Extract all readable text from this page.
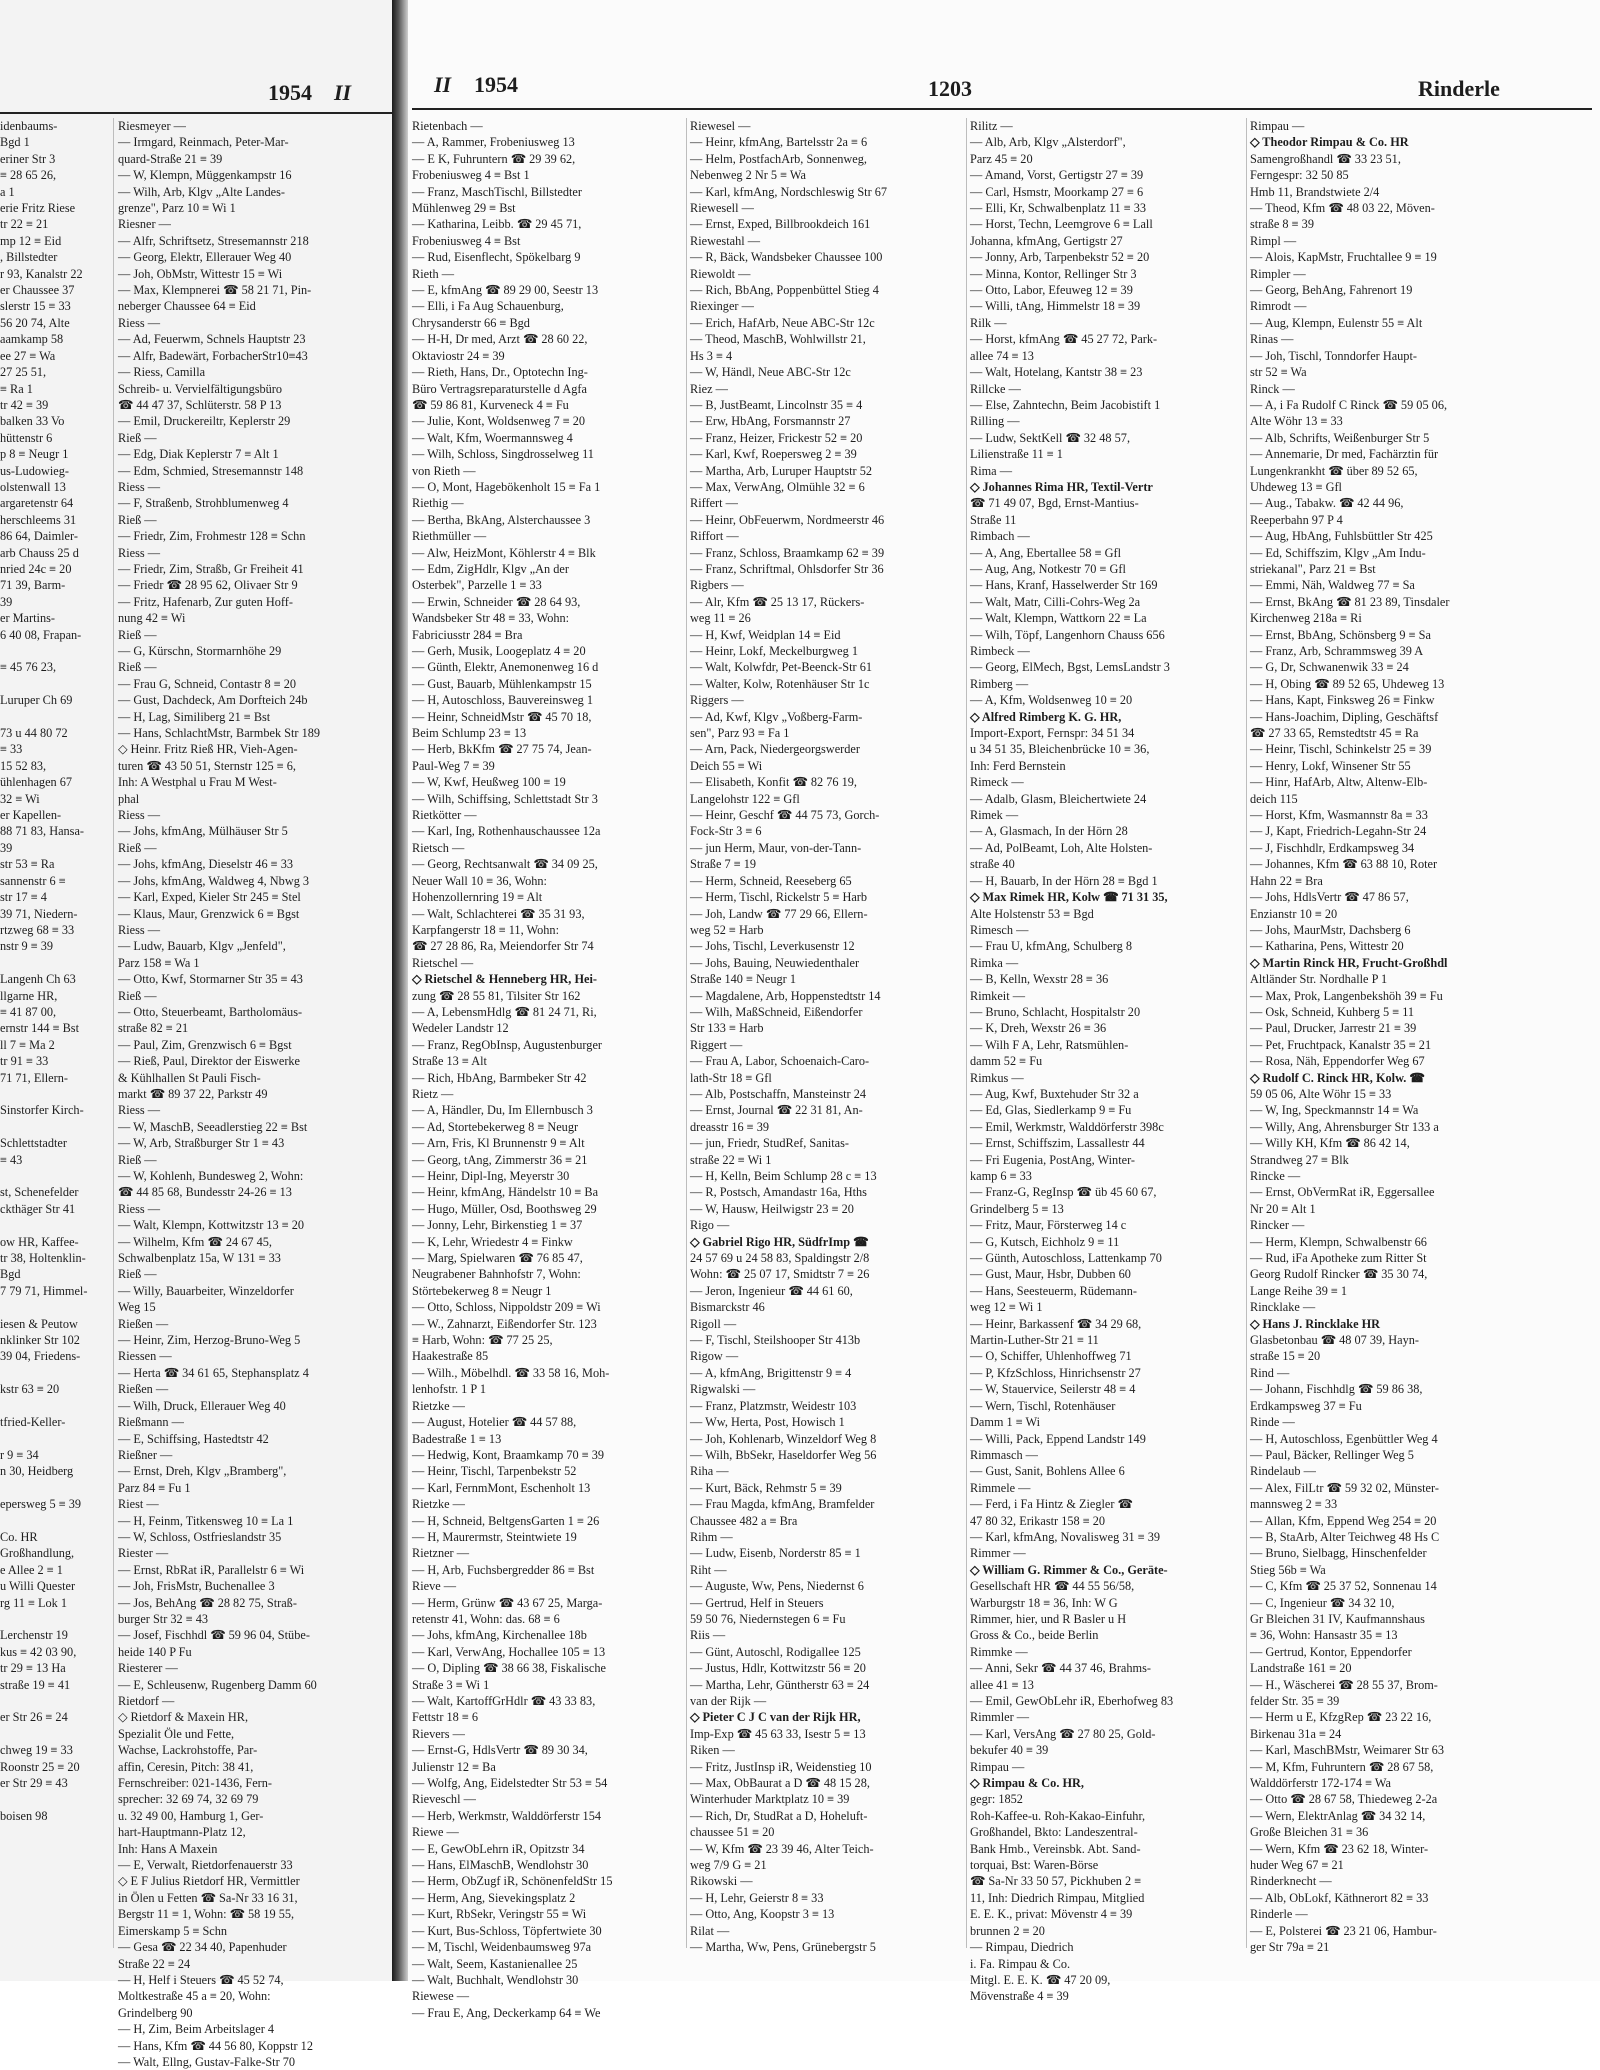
1954 II
idenbaums-
Bgd 1
eriner Str 3
≡ 28 65 26,
a 1
erie Fritz Riese
tr 22 ≡ 21
mp 12 ≡ Eid
, Billstedter
r 93, Kanalstr 22
er Chaussee 37
slerstr 15 ≡ 33
56 20 74, Alte
aamkamp 58
ee 27 ≡ Wa
27 25 51,
≡ Ra 1
tr 42 ≡ 39
balken 33 Vo
hüttenstr 6
p 8 ≡ Neugr 1
us-Ludowieg-
olstenwall 13
argaretenstr 64
herschleems 31
86 64, Daimler-
arb Chauss 25 d
nried 24c ≡ 20
71 39, Barm-
39
er Martins-
6 40 08, Frapan-

≡ 45 76 23,

Luruper Ch 69

73 u 44 80 72
≡ 33
15 52 83,
ühlenhagen 67
32 ≡ Wi
er Kapellen-
88 71 83, Hansa-
39
str 53 ≡ Ra
sannenstr 6 ≡
str 17 ≡ 4
39 71, Niedern-
rtzweg 68 ≡ 33
nstr 9 ≡ 39

Langenh Ch 63
llgarne HR,
≡ 41 87 00,
ernstr 144 ≡ Bst
ll 7 ≡ Ma 2
tr 91 ≡ 33
71 71, Ellern-

Sinstorfer Kirch-

Schlettstadter
≡ 43

st, Schenefelder
ckthäger Str 41

ow HR, Kaffee-
tr 38, Holtenklin-
Bgd
7 79 71, Himmel-

iesen & Peutow
nklinker Str 102
39 04, Friedens-

kstr 63 ≡ 20

tfried-Keller-

r 9 ≡ 34
n 30, Heidberg

epersweg 5 ≡ 39

Co. HR
Großhandlung,
e Allee 2 ≡ 1
u Willi Quester
rg 11 ≡ Lok 1

Lerchenstr 19
kus ≡ 42 03 90,
tr 29 ≡ 13 Ha
straße 19 ≡ 41

er Str 26 ≡ 24

chweg 19 ≡ 33
Roonstr 25 ≡ 20
er Str 29 ≡ 43

boisen 98
Riesmeyer —
— Irmgard, Reinmach, Peter-Mar-
quard-Straße 21 ≡ 39
— W, Klempn, Müggenkampstr 16
— Wilh, Arb, Klgv „Alte Landes-
grenze", Parz 10 ≡ Wi 1
Riesner —
— Alfr, Schriftsetz, Stresemannstr 218
— Georg, Elektr, Ellerauer Weg 40
— Joh, ObMstr, Wittestr 15 ≡ Wi
— Max, Klempnerei ☎ 58 21 71, Pin-
neberger Chaussee 64 ≡ Eid
Riess —
— Ad, Feuerwm, Schnels Hauptstr 23
— Alfr, Badewärt, ForbacherStr10≡43
— Riess, Camilla
Schreib- u. Vervielfältigungsbüro
☎ 44 47 37, Schlüterstr. 58 P 13
— Emil, Druckereiltr, Keplerstr 29
Rieß —
— Edg, Diak Keplerstr 7 ≡ Alt 1
— Edm, Schmied, Stresemannstr 148
Riess —
— F, Straßenb, Strohblumenweg 4
Rieß —
— Friedr, Zim, Frohmestr 128 ≡ Schn
Riess —
— Friedr, Zim, Straßb, Gr Freiheit 41
— Friedr ☎ 28 95 62, Olivaer Str 9
— Fritz, Hafenarb, Zur guten Hoff-
nung 42 ≡ Wi
Rieß —
— G, Kürschn, Stormarnhöhe 29
Rieß —
— Frau G, Schneid, Contastr 8 ≡ 20
— Gust, Dachdeck, Am Dorfteich 24b
— H, Lag, Similiberg 21 ≡ Bst
— Hans, SchlachtMstr, Barmbek Str 189
◇ Heinr. Fritz Rieß HR, Vieh-Agen-
turen ☎ 43 50 51, Sternstr 125 ≡ 6,
Inh: A Westphal u Frau M West-
phal
Riess —
— Johs, kfmAng, Mülhäuser Str 5
Rieß —
— Johs, kfmAng, Dieselstr 46 ≡ 33
— Johs, kfmAng, Waldweg 4, Nbwg 3
— Karl, Exped, Kieler Str 245 ≡ Stel
— Klaus, Maur, Grenzwick 6 ≡ Bgst
Riess —
— Ludw, Bauarb, Klgv „Jenfeld",
Parz 158 ≡ Wa 1
— Otto, Kwf, Stormarner Str 35 ≡ 43
Rieß —
— Otto, Steuerbeamt, Bartholomäus-
straße 82 ≡ 21
— Paul, Zim, Grenzwisch 6 ≡ Bgst
— Rieß, Paul, Direktor der Eiswerke
& Kühlhallen St Pauli Fisch-
markt ☎ 89 37 22, Parkstr 49
Riess —
— W, MaschB, Seeadlerstieg 22 ≡ Bst
— W, Arb, Straßburger Str 1 ≡ 43
Rieß —
— W, Kohlenh, Bundesweg 2, Wohn:
☎ 44 85 68, Bundesstr 24-26 ≡ 13
Riess —
— Walt, Klempn, Kottwitzstr 13 ≡ 20
— Wilhelm, Kfm ☎ 24 67 45,
Schwalbenplatz 15a, W 131 ≡ 33
Rieß —
— Willy, Bauarbeiter, Winzeldorfer
Weg 15
Rießen —
— Heinr, Zim, Herzog-Bruno-Weg 5
Riessen —
— Herta ☎ 34 61 65, Stephansplatz 4
Rießen —
— Wilh, Druck, Ellerauer Weg 40
Rießmann —
— E, Schiffsing, Hastedtstr 42
Rießner —
— Ernst, Dreh, Klgv „Bramberg",
Parz 84 ≡ Fu 1
Riest —
— H, Feinm, Titkensweg 10 ≡ La 1
— W, Schloss, Ostfrieslandstr 35
Riester —
— Ernst, RbRat iR, Parallelstr 6 ≡ Wi
— Joh, FrisMstr, Buchenallee 3
— Jos, BehAng ☎ 28 82 75, Straß-
burger Str 32 ≡ 43
— Josef, Fischhdl ☎ 59 96 04, Stübe-
heide 140 P Fu
Riesterer —
— E, Schleusenw, Rugenberg Damm 60
Rietdorf —
◇ Rietdorf & Maxein HR,
Spezialit Öle und Fette,
Wachse, Lackrohstoffe, Par-
affin, Ceresin, Pitch: 38 41,
Fernschreiber: 021-1436, Fern-
sprecher: 32 69 74, 32 69 79
u. 32 49 00, Hamburg 1, Ger-
hart-Hauptmann-Platz 12,
Inh: Hans A Maxein
— E, Verwalt, Rietdorfenauerstr 33
◇ E F Julius Rietdorf HR, Vermittler
in Ölen u Fetten ☎ Sa-Nr 33 16 31,
Bergstr 11 ≡ 1, Wohn: ☎ 58 19 55,
Eimerskamp 5 ≡ Schn
— Gesa ☎ 22 34 40, Papenhuder
Straße 22 ≡ 24
— H, Helf i Steuers ☎ 45 52 74,
Moltkestraße 45 a ≡ 20, Wohn:
Grindelberg 90
— H, Zim, Beim Arbeitslager 4
— Hans, Kfm ☎ 44 56 80, Koppstr 12
— Walt, Ellng, Gustav-Falke-Str 70
II 1954	1203	Rinderle
Rietenbach —
— A, Rammer, Frobeniusweg 13
— E K, Fuhruntern ☎ 29 39 62,
Frobeniusweg 4 ≡ Bst 1
— Franz, MaschTischl, Billstedter
Mühlenweg 29 ≡ Bst
— Katharina, Leibb. ☎ 29 45 71,
Frobeniusweg 4 ≡ Bst
— Rud, Eisenflecht, Spökelbarg 9
Rieth —
— E, kfmAng ☎ 89 29 00, Seestr 13
— Elli, i Fa Aug Schauenburg,
Chrysanderstr 66 ≡ Bgd
— H-H, Dr med, Arzt ☎ 28 60 22,
Oktaviostr 24 ≡ 39
— Rieth, Hans, Dr., Optotechn Ing-
Büro Vertragsreparaturstelle d Agfa
☎ 59 86 81, Kurveneck 4 ≡ Fu
— Julie, Kont, Woldsenweg 7 ≡ 20
— Walt, Kfm, Woermannsweg 4
— Wilh, Schloss, Singdrosselweg 11
von Rieth —
— O, Mont, Hagebökenholt 15 ≡ Fa 1
Riethig —
— Bertha, BkAng, Alsterchaussee 3
Riethmüller —
— Alw, HeizMont, Köhlerstr 4 ≡ Blk
— Edm, ZigHdlr, Klgv „An der
Osterbek", Parzelle 1 ≡ 33
— Erwin, Schneider ☎ 28 64 93,
Wandsbeker Str 48 ≡ 33, Wohn:
Fabriciusstr 284 ≡ Bra
— Gerh, Musik, Loogeplatz 4 ≡ 20
— Günth, Elektr, Anemonenweg 16 d
— Gust, Bauarb, Mühlenkampstr 15
— H, Autoschloss, Bauvereinsweg 1
— Heinr, SchneidMstr ☎ 45 70 18,
Beim Schlump 23 ≡ 13
— Herb, BkKfm ☎ 27 75 74, Jean-
Paul-Weg 7 ≡ 39
— W, Kwf, Heußweg 100 ≡ 19
— Wilh, Schiffsing, Schlettstadt Str 3
Rietkötter —
— Karl, Ing, Rothenhauschaussee 12a
Rietsch —
— Georg, Rechtsanwalt ☎ 34 09 25,
Neuer Wall 10 ≡ 36, Wohn:
Hohenzollernring 19 ≡ Alt
— Walt, Schlachterei ☎ 35 31 93,
Karpfangerstr 18 ≡ 11, Wohn:
☎ 27 28 86, Ra, Meiendorfer Str 74
Rietschel —
◇ Rietschel & Henneberg HR, Hei-
zung ☎ 28 55 81, Tilsiter Str 162
— A, LebensmHdlg ☎ 81 24 71, Ri,
Wedeler Landstr 12
— Franz, RegObInsp, Augustenburger
Straße 13 ≡ Alt
— Rich, HbAng, Barmbeker Str 42
Rietz —
— A, Händler, Du, Im Ellernbusch 3
— Ad, Stortebekerweg 8 ≡ Neugr
— Arn, Fris, Kl Brunnenstr 9 ≡ Alt
— Georg, tAng, Zimmerstr 36 ≡ 21
— Heinr, Dipl-Ing, Meyerstr 30
— Heinr, kfmAng, Händelstr 10 ≡ Ba
— Hugo, Müller, Osd, Boothsweg 29
— Jonny, Lehr, Birkenstieg 1 ≡ 37
— K, Lehr, Wriedestr 4 ≡ Finkw
— Marg, Spielwaren ☎ 76 85 47,
Neugrabener Bahnhofstr 7, Wohn:
Störtebekerweg 8 ≡ Neugr 1
— Otto, Schloss, Nippoldstr 209 ≡ Wi
— W., Zahnarzt, Eißendorfer Str. 123
≡ Harb, Wohn: ☎ 77 25 25,
Haakestraße 85
— Wilh., Möbelhdl. ☎ 33 58 16, Moh-
lenhofstr. 1 P 1
Rietzke —
— August, Hotelier ☎ 44 57 88,
Badestraße 1 ≡ 13
— Hedwig, Kont, Braamkamp 70 ≡ 39
— Heinr, Tischl, Tarpenbekstr 52
— Karl, FernmMont, Eschenholt 13
Rietzke —
— H, Schneid, BeltgensGarten 1 ≡ 26
— H, Maurermstr, Steintwiete 19
Rietzner —
— H, Arb, Fuchsbergredder 86 ≡ Bst
Rieve —
— Herm, Grünw ☎ 43 67 25, Marga-
retenstr 41, Wohn: das. 68 ≡ 6
— Johs, kfmAng, Kirchenallee 18b
— Karl, VerwAng, Hochallee 105 ≡ 13
— O, Dipling ☎ 38 66 38, Fiskalische
Straße 3 ≡ Wi 1
— Walt, KartoffGrHdlr ☎ 43 33 83,
Fettstr 18 ≡ 6
Rievers —
— Ernst-G, HdlsVertr ☎ 89 30 34,
Julienstr 12 ≡ Ba
— Wolfg, Ang, Eidelstedter Str 53 ≡ 54
Rieveschl —
— Herb, Werkmstr, Walddörferstr 154
Riewe —
— E, GewObLehrn iR, Opitzstr 34
— Hans, ElMaschB, Wendlohstr 30
— Herm, ObZugf iR, SchönenfeldStr 15
— Herm, Ang, Sievekingsplatz 2
— Kurt, RbSekr, Veringstr 55 ≡ Wi
— Kurt, Bus-Schloss, Töpfertwiete 30
— M, Tischl, Weidenbaumsweg 97a
— Walt, Seem, Kastanienallee 25
— Walt, Buchhalt, Wendlohstr 30
Riewese —
— Frau E, Ang, Deckerkamp 64 ≡ We
Riewesel —
— Heinr, kfmAng, Bartelsstr 2a ≡ 6
— Helm, PostfachArb, Sonnenweg,
Nebenweg 2 Nr 5 ≡ Wa
— Karl, kfmAng, Nordschleswig Str 67
Riewesell —
— Ernst, Exped, Billbrookdeich 161
Riewestahl —
— R, Bäck, Wandsbeker Chaussee 100
Riewoldt —
— Rich, BbAng, Poppenbüttel Stieg 4
Riexinger —
— Erich, HafArb, Neue ABC-Str 12c
— Theod, MaschB, Wohlwillstr 21,
Hs 3 ≡ 4
— W, Händl, Neue ABC-Str 12c
Riez —
— B, JustBeamt, Lincolnstr 35 ≡ 4
— Erw, HbAng, Forsmannstr 27
— Franz, Heizer, Frickestr 52 ≡ 20
— Karl, Kwf, Roepersweg 2 ≡ 39
— Martha, Arb, Luruper Hauptstr 52
— Max, VerwAng, Olmühle 32 ≡ 6
Riffert —
— Heinr, ObFeuerwm, Nordmeerstr 46
Riffort —
— Franz, Schloss, Braamkamp 62 ≡ 39
— Franz, Schriftmal, Ohlsdorfer Str 36
Rigbers —
— Alr, Kfm ☎ 25 13 17, Rückers-
weg 11 ≡ 26
— H, Kwf, Weidplan 14 ≡ Eid
— Heinr, Lokf, Meckelburgweg 1
— Walt, Kolwfdr, Pet-Beenck-Str 61
— Walter, Kolw, Rotenhäuser Str 1c
Riggers —
— Ad, Kwf, Klgv „Voßberg-Farm-
sen", Parz 93 ≡ Fa 1
— Arn, Pack, Niedergeorgswerder
Deich 55 ≡ Wi
— Elisabeth, Konfit ☎ 82 76 19,
Langelohstr 122 ≡ Gfl
— Heinr, Geschf ☎ 44 75 73, Gorch-
Fock-Str 3 ≡ 6
— jun Herm, Maur, von-der-Tann-
Straße 7 ≡ 19
— Herm, Schneid, Reeseberg 65
— Herm, Tischl, Rickelstr 5 ≡ Harb
— Joh, Landw ☎ 77 29 66, Ellern-
weg 52 ≡ Harb
— Johs, Tischl, Leverkusenstr 12
— Johs, Bauing, Neuwiedenthaler
Straße 140 ≡ Neugr 1
— Magdalene, Arb, Hoppenstedtstr 14
— Wilh, MaßSchneid, Eißendorfer
Str 133 ≡ Harb
Riggert —
— Frau A, Labor, Schoenaich-Caro-
lath-Str 18 ≡ Gfl
— Alb, Postschaffn, Mansteinstr 24
— Ernst, Journal ☎ 22 31 81, An-
dreasstr 16 ≡ 39
— jun, Friedr, StudRef, Sanitas-
straße 22 ≡ Wi 1
— H, Kelln, Beim Schlump 28 c ≡ 13
— R, Postsch, Amandastr 16a, Hths
— W, Hausw, Heilwigstr 23 ≡ 20
Rigo —
◇ Gabriel Rigo HR, SüdfrImp ☎
24 57 69 u 24 58 83, Spaldingstr 2/8
Wohn: ☎ 25 07 17, Smidtstr 7 ≡ 26
— Jeron, Ingenieur ☎ 44 61 60,
Bismarckstr 46
Rigoll —
— F, Tischl, Steilshooper Str 413b
Rigow —
— A, kfmAng, Brigittenstr 9 ≡ 4
Rigwalski —
— Franz, Platzmstr, Weidestr 103
— Ww, Herta, Post, Howisch 1
— Joh, Kohlenarb, Winzeldorf Weg 8
— Wilh, BbSekr, Haseldorfer Weg 56
Riha —
— Kurt, Bäck, Rehmstr 5 ≡ 39
— Frau Magda, kfmAng, Bramfelder
Chaussee 482 a ≡ Bra
Rihm —
— Ludw, Eisenb, Norderstr 85 ≡ 1
Riht —
— Auguste, Ww, Pens, Niedernst 6
— Gertrud, Helf in Steuers
59 50 76, Niedernstegen 6 ≡ Fu
Riis —
— Günt, Autoschl, Rodigallee 125
— Justus, Hdlr, Kottwitzstr 56 ≡ 20
— Martha, Lehr, Güntherstr 63 ≡ 24
van der Rijk —
◇ Pieter C J C van der Rijk HR,
Imp-Exp ☎ 45 63 33, Isestr 5 ≡ 13
Riken —
— Fritz, JustInsp iR, Weidenstieg 10
— Max, ObBaurat a D ☎ 48 15 28,
Winterhuder Marktplatz 10 ≡ 39
— Rich, Dr, StudRat a D, Hoheluft-
chaussee 51 ≡ 20
— W, Kfm ☎ 23 39 46, Alter Teich-
weg 7/9 G ≡ 21
Rikowski —
— H, Lehr, Geierstr 8 ≡ 33
— Otto, Ang, Koopstr 3 ≡ 13
Rilat —
— Martha, Ww, Pens, Grünebergstr 5
Rilitz —
— Alb, Arb, Klgv „Alsterdorf",
Parz 45 ≡ 20
— Amand, Vorst, Gertigstr 27 ≡ 39
— Carl, Hsmstr, Moorkamp 27 ≡ 6
— Elli, Kr, Schwalbenplatz 11 ≡ 33
— Horst, Techn, Leemgrove 6 ≡ Lall
Johanna, kfmAng, Gertigstr 27
— Jonny, Arb, Tarpenbekstr 52 ≡ 20
— Minna, Kontor, Rellinger Str 3
— Otto, Labor, Efeuweg 12 ≡ 39
— Willi, tAng, Himmelstr 18 ≡ 39
Rilk —
— Horst, kfmAng ☎ 45 27 72, Park-
allee 74 ≡ 13
— Walt, Hotelang, Kantstr 38 ≡ 23
Rillcke —
— Else, Zahntechn, Beim Jacobistift 1
Rilling —
— Ludw, SektKell ☎ 32 48 57,
Lilienstraße 11 ≡ 1
Rima —
◇ Johannes Rima HR, Textil-Vertr
☎ 71 49 07, Bgd, Ernst-Mantius-
Straße 11
Rimbach —
— A, Ang, Ebertallee 58 ≡ Gfl
— Aug, Ang, Notkestr 70 ≡ Gfl
— Hans, Kranf, Hasselwerder Str 169
— Walt, Matr, Cilli-Cohrs-Weg 2a
— Walt, Klempn, Wattkorn 22 ≡ La
— Wilh, Töpf, Langenhorn Chauss 656
Rimbeck —
— Georg, ElMech, Bgst, LemsLandstr 3
Rimberg —
— A, Kfm, Woldsenweg 10 ≡ 20
◇ Alfred Rimberg K. G. HR,
Import-Export, Fernspr: 34 51 34
u 34 51 35, Bleichenbrücke 10 ≡ 36,
Inh: Ferd Bernstein
Rimeck —
— Adalb, Glasm, Bleichertwiete 24
Rimek —
— A, Glasmach, In der Hörn 28
— Ad, PolBeamt, Loh, Alte Holsten-
straße 40
— H, Bauarb, In der Hörn 28 ≡ Bgd 1
◇ Max Rimek HR, Kolw ☎ 71 31 35,
Alte Holstenstr 53 ≡ Bgd
Rimesch —
— Frau U, kfmAng, Schulberg 8
Rimka —
— B, Kelln, Wexstr 28 ≡ 36
Rimkeit —
— Bruno, Schlacht, Hospitalstr 20
— K, Dreh, Wexstr 26 ≡ 36
— Wilh F A, Lehr, Ratsmühlen-
damm 52 ≡ Fu
Rimkus —
— Aug, Kwf, Buxtehuder Str 32 a
— Ed, Glas, Siedlerkamp 9 ≡ Fu
— Emil, Werkmstr, Walddörferstr 398c
— Ernst, Schiffszim, Lassallestr 44
— Fri Eugenia, PostAng, Winter-
kamp 6 ≡ 33
— Franz-G, RegInsp ☎ üb 45 60 67,
Grindelberg 5 ≡ 13
— Fritz, Maur, Försterweg 14 c
— G, Kutsch, Eichholz 9 ≡ 11
— Günth, Autoschloss, Lattenkamp 70
— Gust, Maur, Hsbr, Dubben 60
— Hans, Seesteuerm, Rüdemann-
weg 12 ≡ Wi 1
— Heinr, Barkassenf ☎ 34 29 68,
Martin-Luther-Str 21 ≡ 11
— O, Schiffer, Uhlenhoffweg 71
— P, KfzSchloss, Hinrichsenstr 27
— W, Stauervice, Seilerstr 48 ≡ 4
— Wern, Tischl, Rotenhäuser
Damm 1 ≡ Wi
— Willi, Pack, Eppend Landstr 149
Rimmasch —
— Gust, Sanit, Bohlens Allee 6
Rimmele —
— Ferd, i Fa Hintz & Ziegler ☎
47 80 32, Erikastr 158 ≡ 20
— Karl, kfmAng, Novalisweg 31 ≡ 39
Rimmer —
◇ William G. Rimmer & Co., Geräte-
Gesellschaft HR ☎ 44 55 56/58,
Warburgstr 18 ≡ 36, Inh: W G
Rimmer, hier, und R Basler u H
Gross & Co., beide Berlin
Rimmke —
— Anni, Sekr ☎ 44 37 46, Brahms-
allee 41 ≡ 13
— Emil, GewObLehr iR, Eberhofweg 83
Rimmler —
— Karl, VersAng ☎ 27 80 25, Gold-
bekufer 40 ≡ 39
Rimpau —
◇ Rimpau & Co. HR,
gegr: 1852
Roh-Kaffee-u. Roh-Kakao-Einfuhr,
Großhandel, Bkto: Landeszentral-
Bank Hmb., Vereinsbk. Abt. Sand-
torquai, Bst: Waren-Börse
☎ Sa-Nr 33 50 57, Pickhuben 2 ≡
11, Inh: Diedrich Rimpau, Mitglied
E. E. K., privat: Mövenstr 4 ≡ 39
brunnen 2 ≡ 20
— Rimpau, Diedrich
i. Fa. Rimpau & Co.
Mitgl. E. E. K. ☎ 47 20 09,
Mövenstraße 4 ≡ 39
Rimpau —
◇ Theodor Rimpau & Co. HR
Samengroßhandl ☎ 33 23 51,
Ferngespr: 32 50 85
Hmb 11, Brandstwiete 2/4
— Theod, Kfm ☎ 48 03 22, Möven-
straße 8 ≡ 39
Rimpl —
— Alois, KapMstr, Fruchtallee 9 ≡ 19
Rimpler —
— Georg, BehAng, Fahrenort 19
Rimrodt —
— Aug, Klempn, Eulenstr 55 ≡ Alt
Rinas —
— Joh, Tischl, Tonndorfer Haupt-
str 52 ≡ Wa
Rinck —
— A, i Fa Rudolf C Rinck ☎ 59 05 06,
Alte Wöhr 13 ≡ 33
— Alb, Schrifts, Weißenburger Str 5
— Annemarie, Dr med, Fachärztin für
Lungenkrankht ☎ über 89 52 65,
Uhdeweg 13 ≡ Gfl
— Aug., Tabakw. ☎ 42 44 96,
Reeperbahn 97 P 4
— Aug, HbAng, Fuhlsbüttler Str 425
— Ed, Schiffszim, Klgv „Am Indu-
striekanal", Parz 21 ≡ Bst
— Emmi, Näh, Waldweg 77 ≡ Sa
— Ernst, BkAng ☎ 81 23 89, Tinsdaler
Kirchenweg 218a ≡ Ri
— Ernst, BbAng, Schönsberg 9 ≡ Sa
— Franz, Arb, Schrammsweg 39 A
— G, Dr, Schwanenwik 33 ≡ 24
— H, Obing ☎ 89 52 65, Uhdeweg 13
— Hans, Kapt, Finksweg 26 ≡ Finkw
— Hans-Joachim, Dipling, Geschäftsf
☎ 27 33 65, Remstedtstr 45 ≡ Ra
— Heinr, Tischl, Schinkelstr 25 ≡ 39
— Henry, Lokf, Winsener Str 55
— Hinr, HafArb, Altw, Altenw-Elb-
deich 115
— Horst, Kfm, Wasmannstr 8a ≡ 33
— J, Kapt, Friedrich-Legahn-Str 24
— J, Fischhdlr, Erdkampsweg 34
— Johannes, Kfm ☎ 63 88 10, Roter
Hahn 22 ≡ Bra
— Johs, HdlsVertr ☎ 47 86 57,
Enzianstr 10 ≡ 20
— Johs, MaurMstr, Dachsberg 6
— Katharina, Pens, Wittestr 20
◇ Martin Rinck HR, Frucht-Großhdl
Altländer Str. Nordhalle P 1
— Max, Prok, Langenbekshöh 39 ≡ Fu
— Osk, Schneid, Kuhberg 5 ≡ 11
— Paul, Drucker, Jarrestr 21 ≡ 39
— Pet, Fruchtpack, Kanalstr 35 ≡ 21
— Rosa, Näh, Eppendorfer Weg 67
◇ Rudolf C. Rinck HR, Kolw. ☎
59 05 06, Alte Wöhr 15 ≡ 33
— W, Ing, Speckmannstr 14 ≡ Wa
— Willy, Ang, Ahrensburger Str 133 a
— Willy KH, Kfm ☎ 86 42 14,
Strandweg 27 ≡ Blk
Rincke —
— Ernst, ObVermRat iR, Eggersallee
Nr 20 ≡ Alt 1
Rincker —
— Herm, Klempn, Schwalbenstr 66
— Rud, iFa Apotheke zum Ritter St
Georg Rudolf Rincker ☎ 35 30 74,
Lange Reihe 39 ≡ 1
Rincklake —
◇ Hans J. Rincklake HR
Glasbetonbau ☎ 48 07 39, Hayn-
straße 15 ≡ 20
Rind —
— Johann, Fischhdlg ☎ 59 86 38,
Erdkampsweg 37 ≡ Fu
Rinde —
— H, Autoschloss, Egenbüttler Weg 4
— Paul, Bäcker, Rellinger Weg 5
Rindelaub —
— Alex, FilLtr ☎ 59 32 02, Münster-
mannsweg 2 ≡ 33
— Allan, Kfm, Eppend Weg 254 ≡ 20
— B, StaArb, Alter Teichweg 48 Hs C
— Bruno, Sielbagg, Hinschenfelder
Stieg 56b ≡ Wa
— C, Kfm ☎ 25 37 52, Sonnenau 14
— C, Ingenieur ☎ 34 32 10,
Gr Bleichen 31 IV, Kaufmannshaus
≡ 36, Wohn: Hansastr 35 ≡ 13
— Gertrud, Kontor, Eppendorfer
Landstraße 161 ≡ 20
— H., Wäscherei ☎ 28 55 37, Brom-
felder Str. 35 ≡ 39
— Herm u E, KfzgRep ☎ 23 22 16,
Birkenau 31a ≡ 24
— Karl, MaschBMstr, Weimarer Str 63
— M, Kfm, Fuhruntern ☎ 28 67 58,
Walddörferstr 172-174 ≡ Wa
— Otto ☎ 28 67 58, Thiedeweg 2-2a
— Wern, ElektrAnlag ☎ 34 32 14,
Große Bleichen 31 ≡ 36
— Wern, Kfm ☎ 23 62 18, Winter-
huder Weg 67 ≡ 21
Rinderknecht —
— Alb, ObLokf, Käthnerort 82 ≡ 33
Rinderle —
— E, Polsterei ☎ 23 21 06, Hambur-
ger Str 79a ≡ 21
